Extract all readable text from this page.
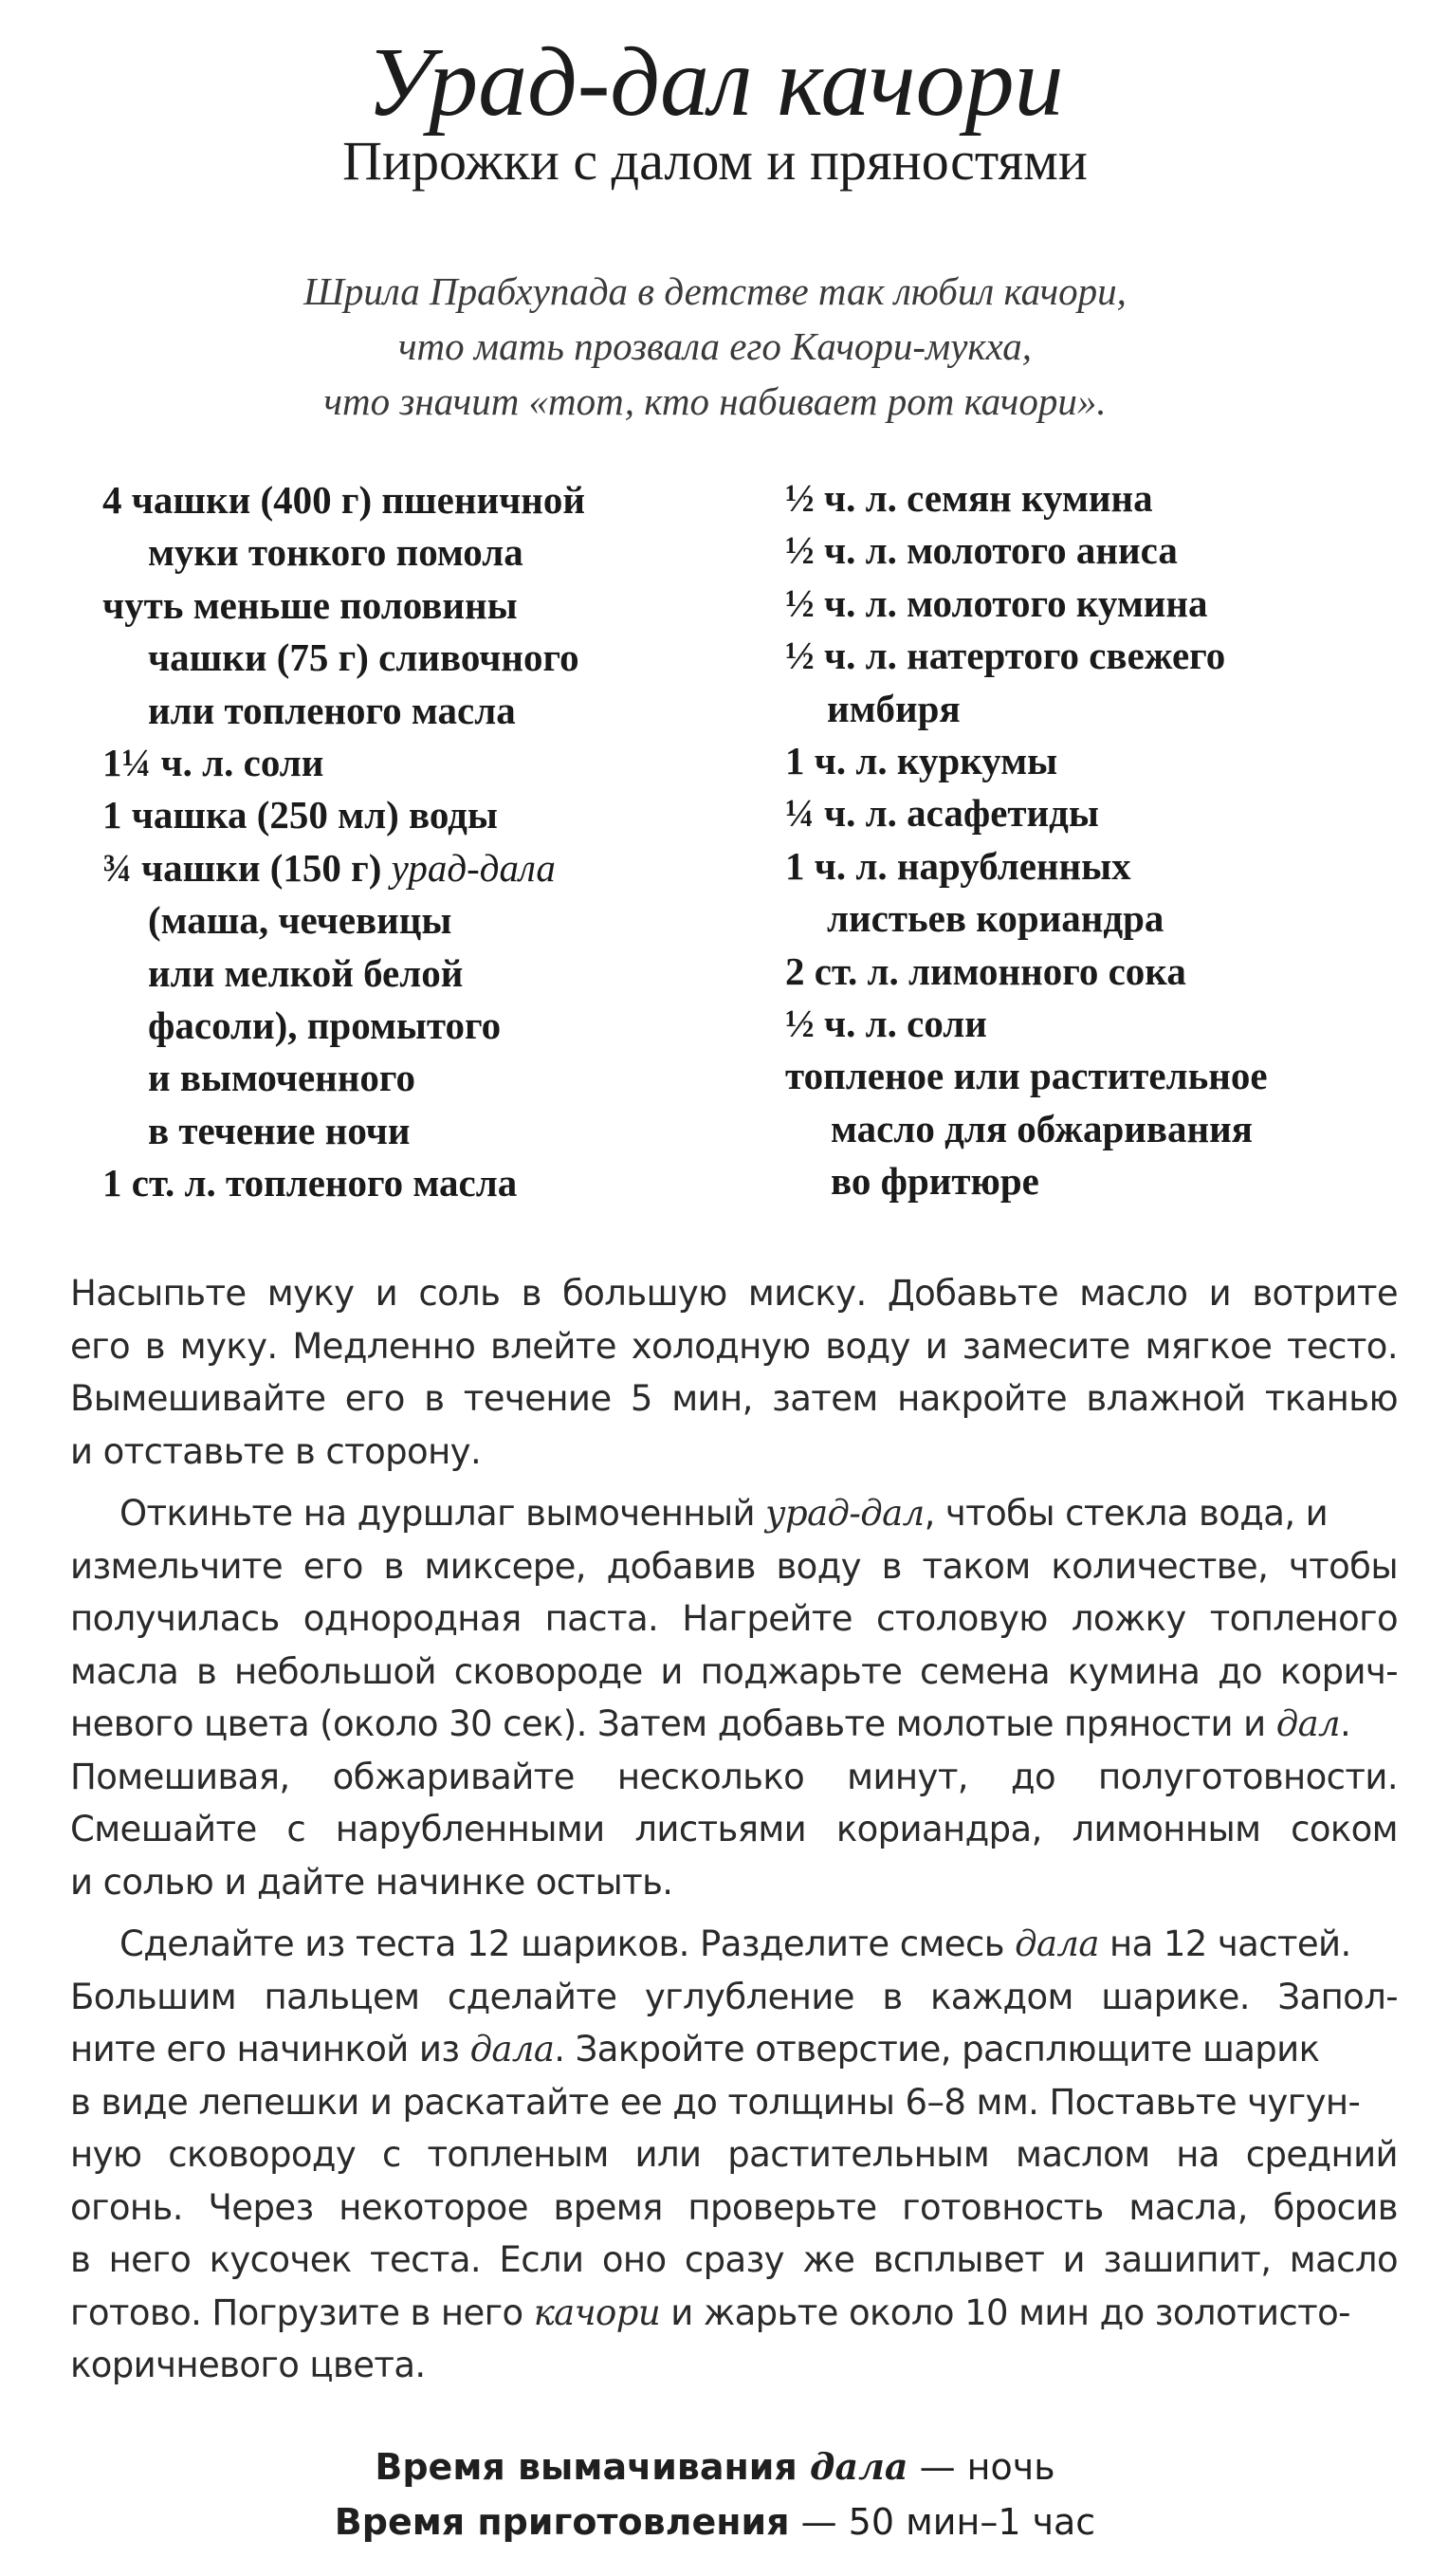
Урад-дал качори
Пирожки с далом и пряностями
Шрила Прабхупада в детстве так любил качори,
что мать прозвала его Качори-мукха,
что значит «тот, кто набивает рот качори».
4 чашки (400 г) пшеничной
муки тонкого помола
чуть меньше половины
чашки (75 г) сливочного
или топленого масла
1¼ ч. л. соли
1 чашка (250 мл) воды
¾ чашки (150 г) урад-дала
(маша, чечевицы
или мелкой белой
фасоли), промытого
и вымоченного
в течение ночи
1 ст. л. топленого масла
½ ч. л. семян кумина
½ ч. л. молотого аниса
½ ч. л. молотого кумина
½ ч. л. натертого свежего
имбиря
1 ч. л. куркумы
¼ ч. л. асафетиды
1 ч. л. нарубленных
листьев кориандра
2 ст. л. лимонного сока
½ ч. л. соли
топленое или растительное
масло для обжаривания
во фритюре
Насыпьте муку и соль в большую миску. Добавьте масло и вотрите
его в муку. Медленно влейте холодную воду и замесите мягкое тесто.
Вымешивайте его в течение 5 мин, затем накройте влажной тканью
и отставьте в сторону.
Откиньте на дуршлаг вымоченный урад-дал, чтобы стекла вода, и
измельчите его в миксере, добавив воду в таком количестве, чтобы
получилась однородная паста. Нагрейте столовую ложку топленого
масла в небольшой сковороде и поджарьте семена кумина до корич-
невого цвета (около 30 сек). Затем добавьте молотые пряности и дал.
Помешивая, обжаривайте несколько минут, до полуготовности.
Смешайте с нарубленными листьями кориандра, лимонным соком
и солью и дайте начинке остыть.
Сделайте из теста 12 шариков. Разделите смесь дала на 12 частей.
Большим пальцем сделайте углубление в каждом шарике. Запол-
ните его начинкой из дала. Закройте отверстие, расплющите шарик
в виде лепешки и раскатайте ее до толщины 6–8 мм. Поставьте чугун-
ную сковороду с топленым или растительным маслом на средний
огонь. Через некоторое время проверьте готовность масла, бросив
в него кусочек теста. Если оно сразу же всплывет и зашипит, масло
готово. Погрузите в него качори и жарьте около 10 мин до золотисто-
коричневого цвета.
Время вымачивания дала — ночь
Время приготовления — 50 мин–1 час
